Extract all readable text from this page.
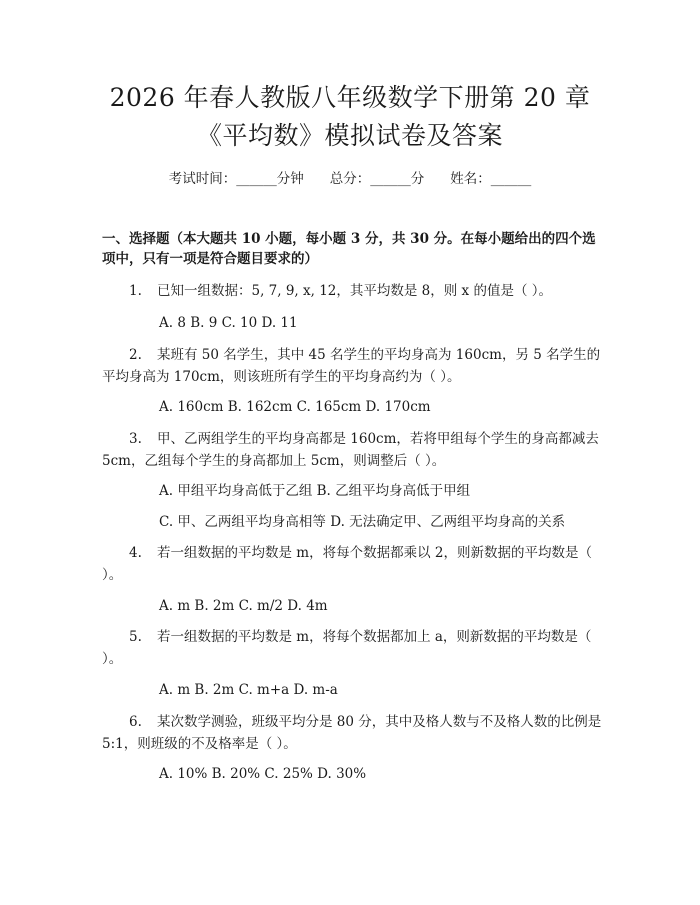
2026 年春人教版八年级数学下册第 20 章
《平均数》模拟试卷及答案
考试时间：______分钟 总分：______分 姓名：______
一、选择题（本大题共 10 小题，每小题 3 分，共 30 分。在每小题给出的四个选
项中，只有一项是符合题目要求的）
1. 已知一组数据：5, 7, 9, x, 12，其平均数是 8，则 x 的值是（ ）。
A. 8 B. 9 C. 10 D. 11
2. 某班有 50 名学生，其中 45 名学生的平均身高为 160cm，另 5 名学生的平均身高为 170cm，则该班所有学生的平均身高约为（ ）。
A. 160cm B. 162cm C. 165cm D. 170cm
3. 甲、乙两组学生的平均身高都是 160cm，若将甲组每个学生的身高都减去 5cm，乙组每个学生的身高都加上 5cm，则调整后（ ）。
A. 甲组平均身高低于乙组 B. 乙组平均身高低于甲组
C. 甲、乙两组平均身高相等 D. 无法确定甲、乙两组平均身高的关系
4. 若一组数据的平均数是 m，将每个数据都乘以 2，则新数据的平均数是（ ）。
A. m B. 2m C. m/2 D. 4m
5. 若一组数据的平均数是 m，将每个数据都加上 a，则新数据的平均数是（ ）。
A. m B. 2m C. m+a D. m-a
6. 某次数学测验，班级平均分是 80 分，其中及格人数与不及格人数的比例是 5:1，则班级的不及格率是（ ）。
A. 10% B. 20% C. 25% D. 30%
